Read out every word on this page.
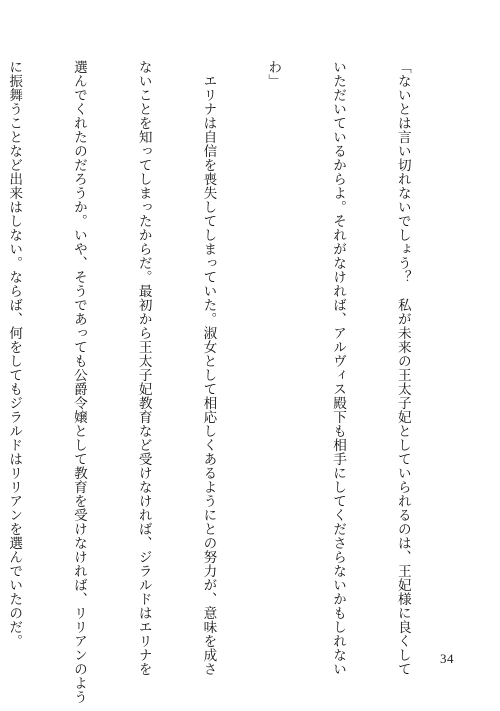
「ないとは言い切れないでしょう？　私が未来の王太子妃としていられるのは、王妃様に良くして

いただいているからよ。それがなければ、アルヴィス殿下も相手にしてくださらないかもしれない

わ」

　エリナは自信を喪失してしまっていた。淑女として相応しくあるようにとの努力が、意味を成さ

ないことを知ってしまったからだ。最初から王太子妃教育など受けなければ、ジラルドはエリナを

選んでくれたのだろうか。いや、そうであっても公爵令嬢として教育を受けなければ、リリアンのよう

に振舞うことなど出来はしない。ならば、何をしてもジラルドはリリアンを選んでいたのだ。

34
